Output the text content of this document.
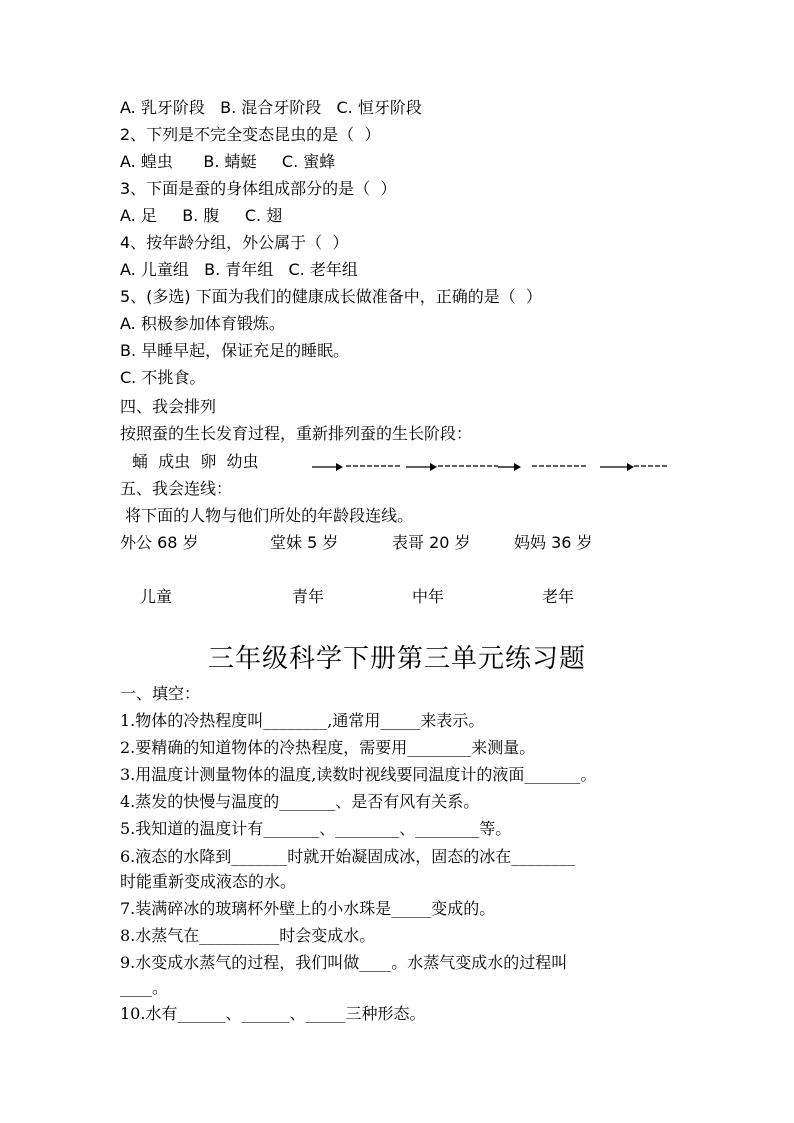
A. 乳牙阶段   B. 混合牙阶段   C. 恒牙阶段
2、下列是不完全变态昆虫的是（  ）
A. 蝗虫      B. 蜻蜓     C. 蜜蜂
3、下面是蚕的身体组成部分的是（  ）
A. 足     B. 腹     C. 翅
4、按年龄分组，外公属于（  ）
A. 儿童组   B. 青年组   C. 老年组
5、(多选) 下面为我们的健康成长做准备中，正确的是（  ）
A. 积极参加体育锻炼。
B. 早睡早起，保证充足的睡眠。
C. 不挑食。
四、我会排列
按照蚕的生长发育过程，重新排列蚕的生长阶段：
蛹  成虫  卵  幼虫
五、我会连线：
将下面的人物与他们所处的年龄段连线。
外公 68 岁	堂妹 5 岁	表哥 20 岁	妈妈 36 岁
儿童	青年	中年	老年
三年级科学下册第三单元练习题
一、填空：
1.物体的冷热程度叫________,通常用_____来表示。
2.要精确的知道物体的冷热程度，需要用________来测量。
3.用温度计测量物体的温度,读数时视线要同温度计的液面_______。
4.蒸发的快慢与温度的_______、是否有风有关系。
5.我知道的温度计有_______、________、________等。
6.液态的水降到_______时就开始凝固成冰，固态的冰在________
时能重新变成液态的水。
7.装满碎冰的玻璃杯外壁上的小水珠是_____变成的。
8.水蒸气在__________时会变成水。
9.水变成水蒸气的过程，我们叫做____。水蒸气变成水的过程叫
____。
10.水有______、______、_____三种形态。
